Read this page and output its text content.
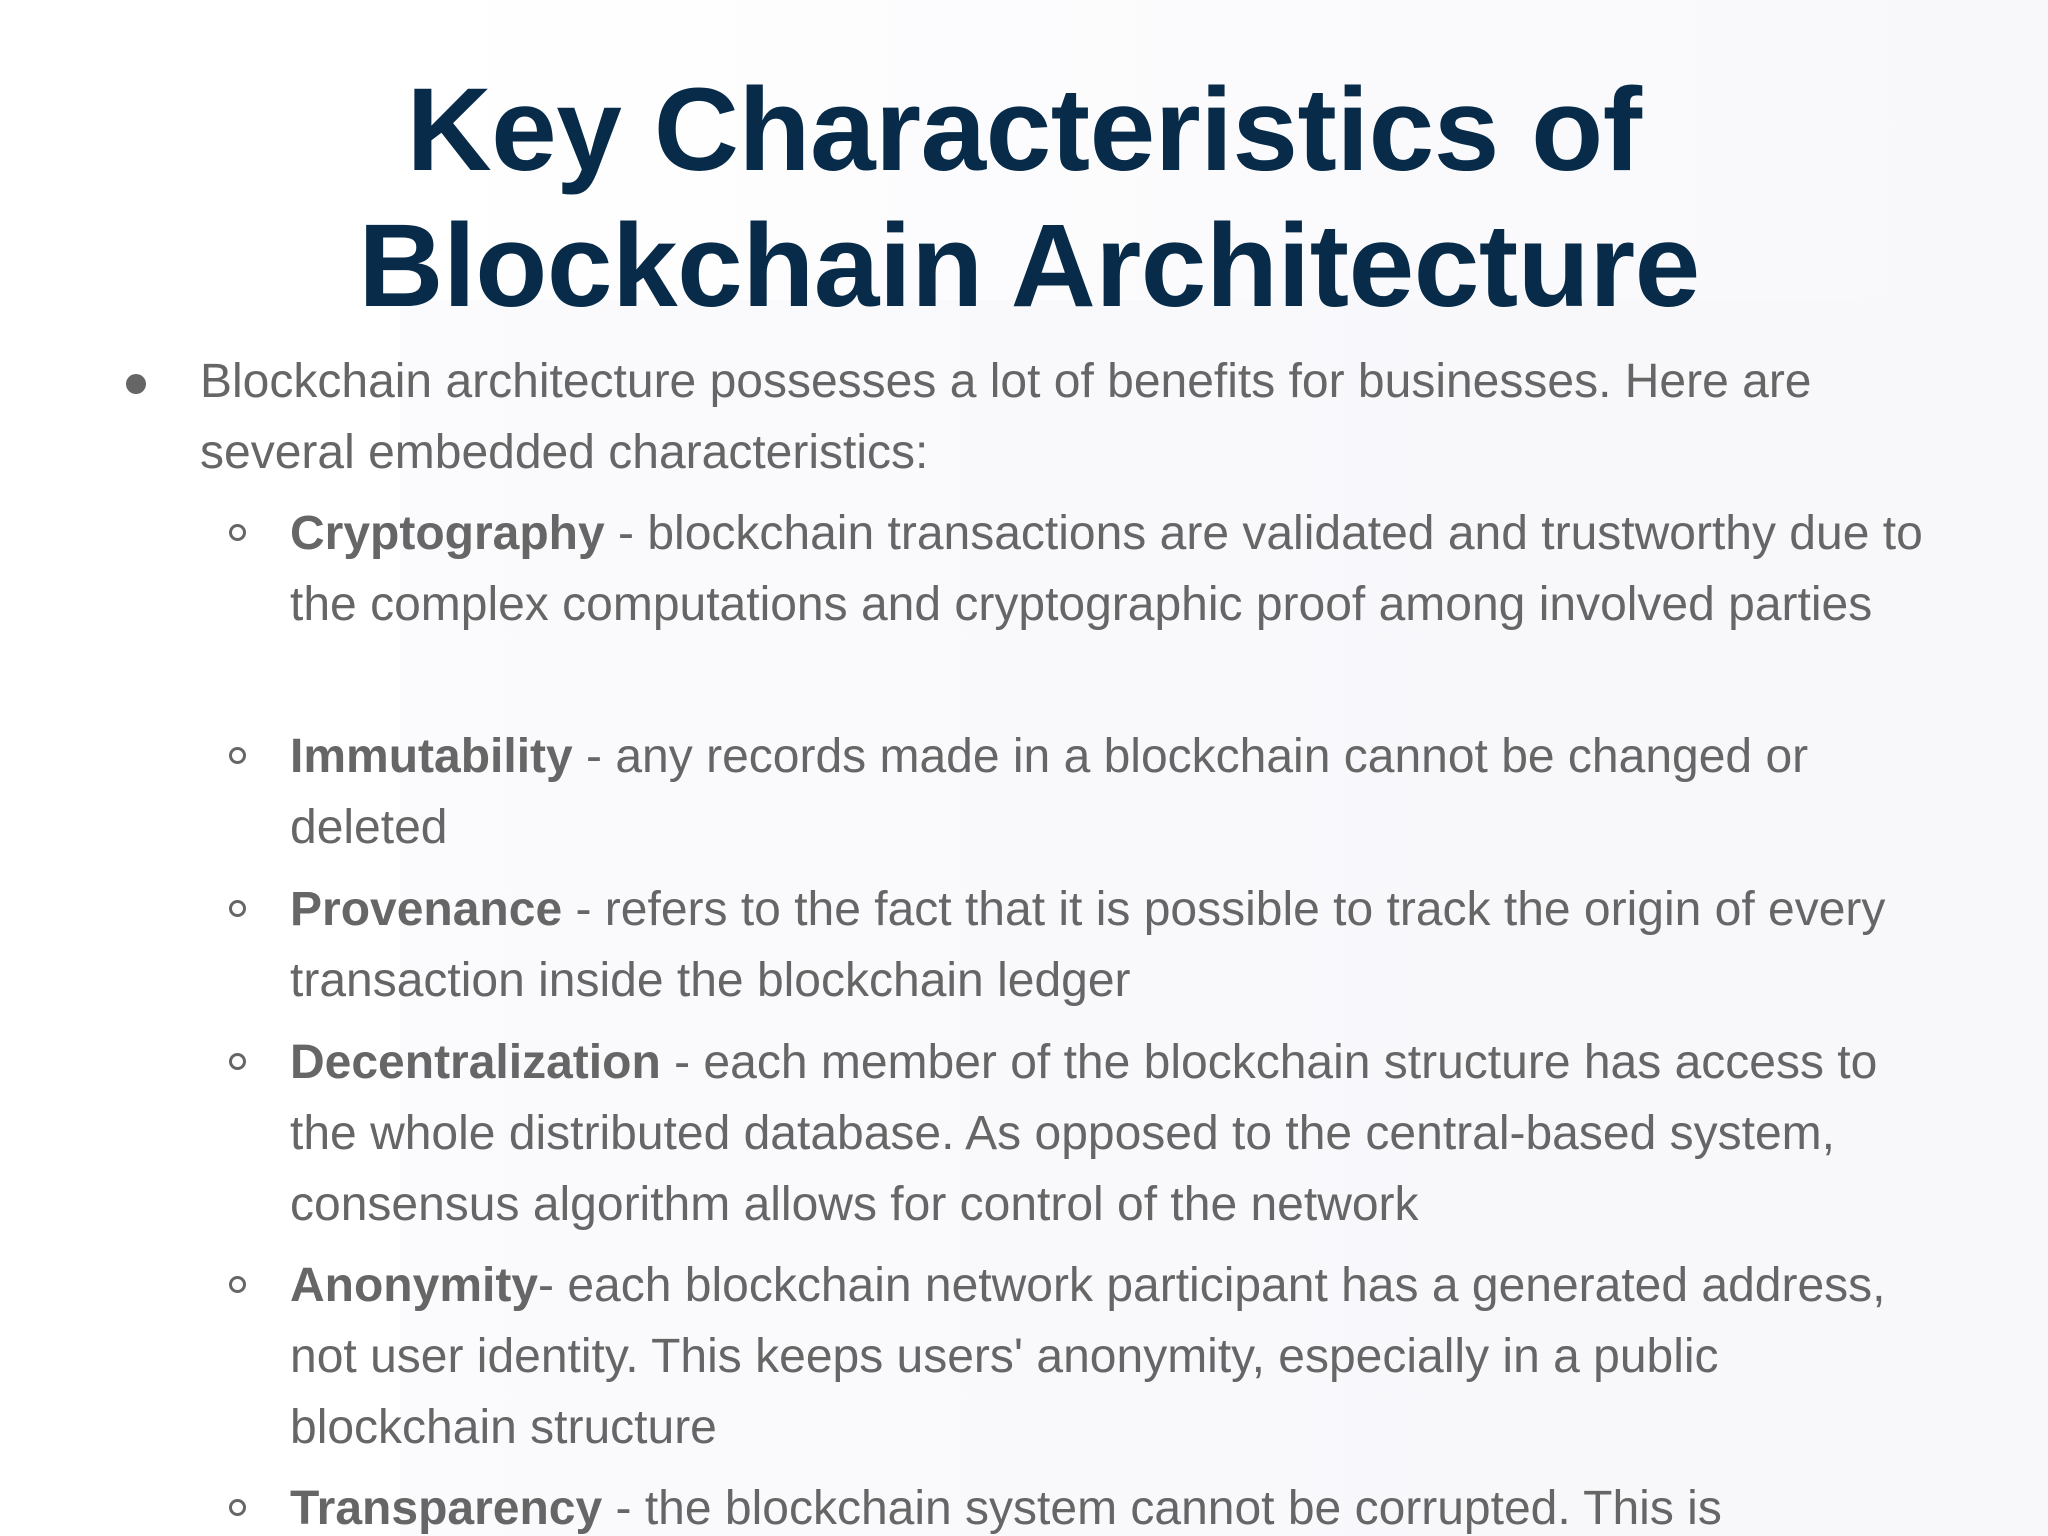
Key Characteristics of
Blockchain Architecture
Blockchain architecture possesses a lot of benefits for businesses. Here are several embedded characteristics:
Cryptography - blockchain transactions are validated and trustworthy due to the complex computations and cryptographic proof among involved parties
Immutability - any records made in a blockchain cannot be changed or deleted
Provenance - refers to the fact that it is possible to track the origin of every transaction inside the blockchain ledger
Decentralization - each member of the blockchain structure has access to the whole distributed database. As opposed to the central-based system, consensus algorithm allows for control of the network
Anonymity- each blockchain network participant has a generated address, not user identity. This keeps users' anonymity, especially in a public blockchain structure
Transparency - the blockchain system cannot be corrupted. This is
